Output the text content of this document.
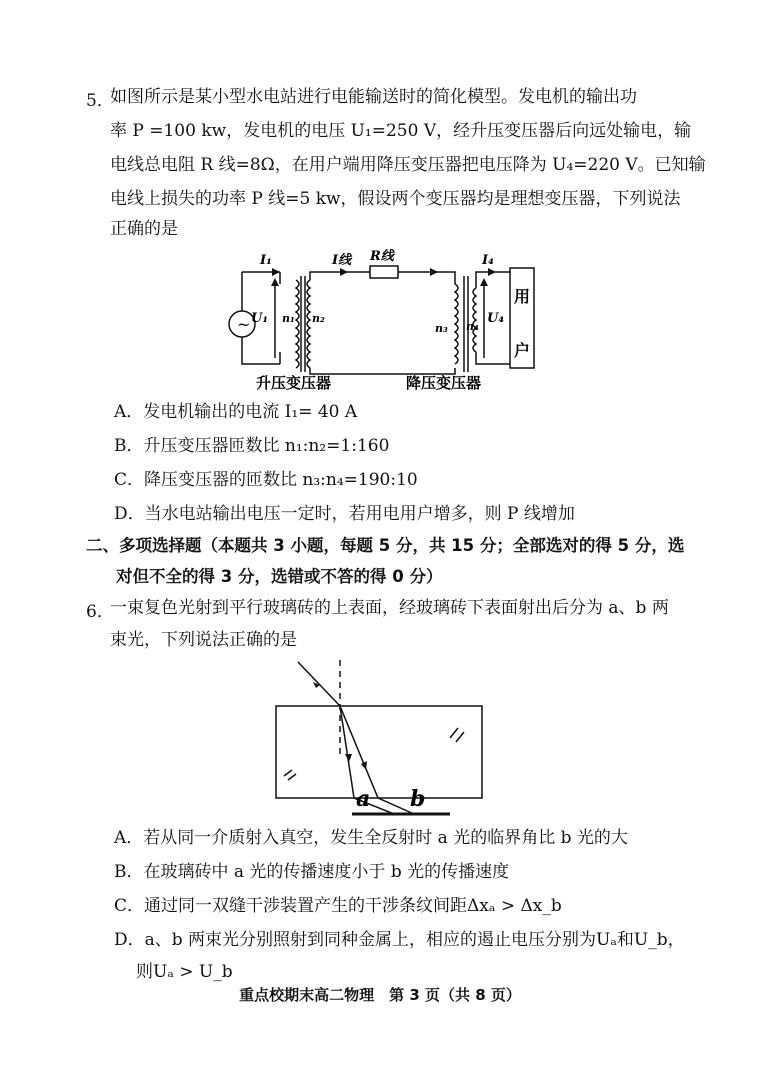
5．
如图所示是某小型水电站进行电能输送时的简化模型。发电机的输出功
率 P =100 kw，发电机的电压 U₁=250 V，经升压变压器后向远处输电，输
电线总电阻 R 线=8Ω，在用户端用降压变压器把电压降为 U₄=220 V。已知输
电线上损失的功率 P 线=5 kw，假设两个变压器均是理想变压器，下列说法
正确的是
~
I₁	I线 R线	I₄
U₁ n₁ n₂
n₃ n₄
U₄
用
户
升压变压器	降压变压器
A．发电机输出的电流 I₁= 40 A
B．升压变压器匝数比 n₁:n₂=1:160
C．降压变压器的匝数比 n₃:n₄=190:10
D．当水电站输出电压一定时，若用电用户增多，则 P 线增加
二、多项选择题（本题共 3 小题，每题 5 分，共 15 分；全部选对的得 5 分，选
对但不全的得 3 分，选错或不答的得 0 分）
6．
一束复色光射到平行玻璃砖的上表面，经玻璃砖下表面射出后分为 a、b 两
束光，下列说法正确的是
a b
A．若从同一介质射入真空，发生全反射时 a 光的临界角比 b 光的大
B．在玻璃砖中 a 光的传播速度小于 b 光的传播速度
C．通过同一双缝干涉装置产生的干涉条纹间距Δxₐ > Δx_b
D．a、b 两束光分别照射到同种金属上，相应的遏止电压分别为Uₐ和U_b，
则Uₐ > U_b
重点校期末高二物理　第 3 页（共 8 页）
